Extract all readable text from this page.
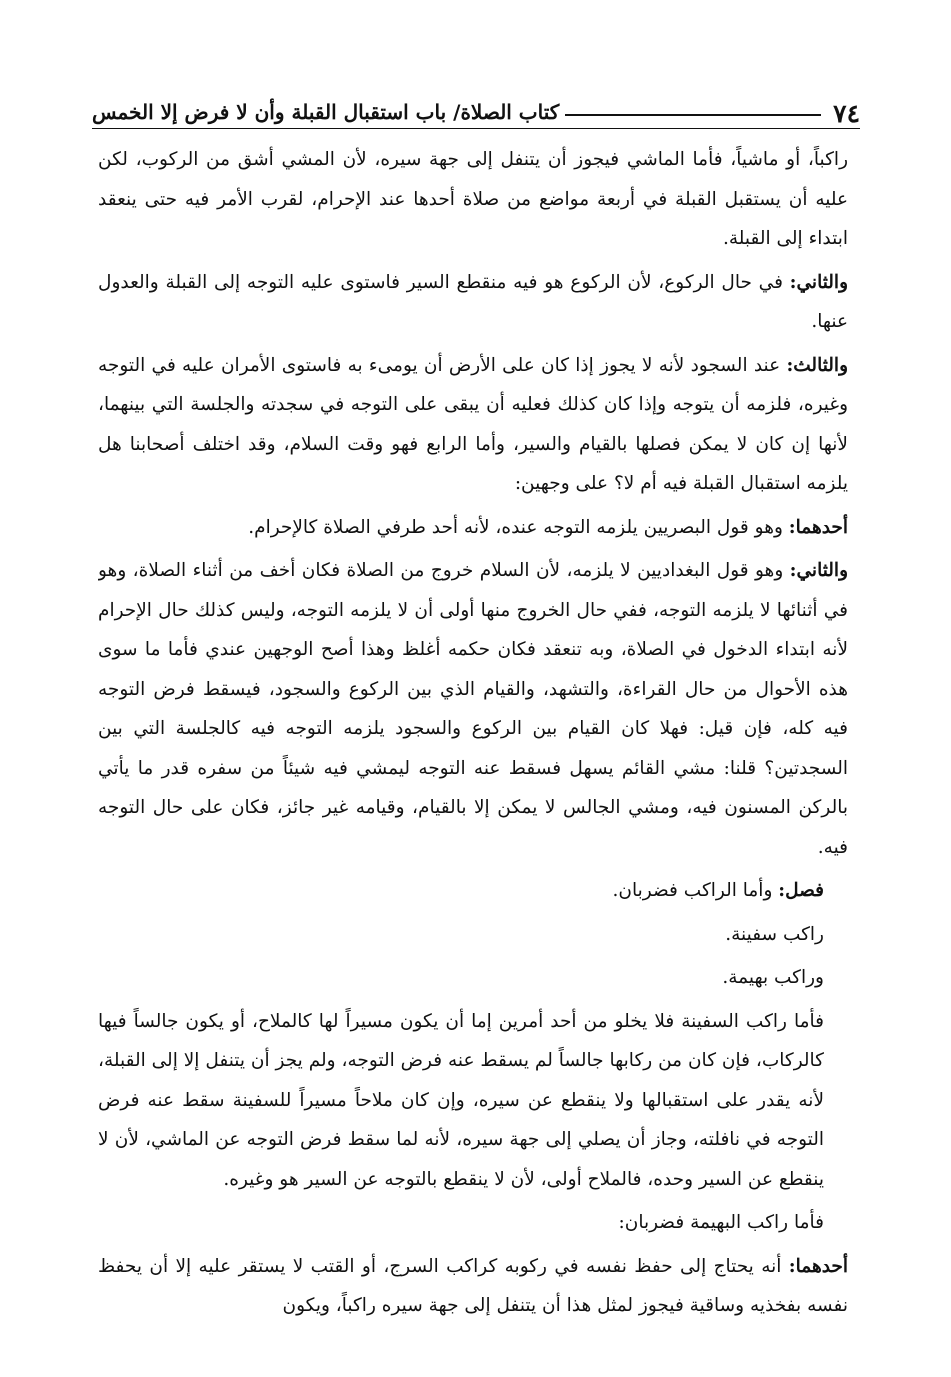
٧٤
كتاب الصلاة/ باب استقبال القبلة وأن لا فرض إلا الخمس

راكباً، أو ماشياً، فأما الماشي فيجوز أن يتنفل إلى جهة سيره، لأن المشي أشق من الركوب، لكن عليه أن يستقبل القبلة في أربعة مواضع من صلاة أحدها عند الإحرام، لقرب الأمر فيه حتى ينعقد ابتداء إلى القبلة.

والثاني: في حال الركوع، لأن الركوع هو فيه منقطع السير فاستوى عليه التوجه إلى القبلة والعدول عنها.

والثالث: عند السجود لأنه لا يجوز إذا كان على الأرض أن يومىء به فاستوى الأمران عليه في التوجه وغيره، فلزمه أن يتوجه وإذا كان كذلك فعليه أن يبقى على التوجه في سجدته والجلسة التي بينهما، لأنها إن كان لا يمكن فصلها بالقيام والسير، وأما الرابع فهو وقت السلام، وقد اختلف أصحابنا هل يلزمه استقبال القبلة فيه أم لا؟ على وجهين:

أحدهما: وهو قول البصريين يلزمه التوجه عنده، لأنه أحد طرفي الصلاة كالإحرام.

والثاني: وهو قول البغداديين لا يلزمه، لأن السلام خروج من الصلاة فكان أخف من أثناء الصلاة، وهو في أثنائها لا يلزمه التوجه، ففي حال الخروج منها أولى أن لا يلزمه التوجه، وليس كذلك حال الإحرام لأنه ابتداء الدخول في الصلاة، وبه تنعقد فكان حكمه أغلظ وهذا أصح الوجهين عندي فأما ما سوى هذه الأحوال من حال القراءة، والتشهد، والقيام الذي بين الركوع والسجود، فيسقط فرض التوجه فيه كله، فإن قيل: فهلا كان القيام بين الركوع والسجود يلزمه التوجه فيه كالجلسة التي بين السجدتين؟ قلنا: مشي القائم يسهل فسقط عنه التوجه ليمشي فيه شيئاً من سفره قدر ما يأتي بالركن المسنون فيه، ومشي الجالس لا يمكن إلا بالقيام، وقيامه غير جائز، فكان على حال التوجه فيه.

فصل: وأما الراكب فضربان.

راكب سفينة.

وراكب بهيمة.

فأما راكب السفينة فلا يخلو من أحد أمرين إما أن يكون مسيراً لها كالملاح، أو يكون جالساً فيها كالركاب، فإن كان من ركابها جالساً لم يسقط عنه فرض التوجه، ولم يجز أن يتنفل إلا إلى القبلة، لأنه يقدر على استقبالها ولا ينقطع عن سيره، وإن كان ملاحاً مسيراً للسفينة سقط عنه فرض التوجه في نافلته، وجاز أن يصلي إلى جهة سيره، لأنه لما سقط فرض التوجه عن الماشي، لأن لا ينقطع عن السير وحده، فالملاح أولى، لأن لا ينقطع بالتوجه عن السير هو وغيره.

فأما راكب البهيمة فضربان:

أحدهما: أنه يحتاج إلى حفظ نفسه في ركوبه كراكب السرج، أو القتب لا يستقر عليه إلا أن يحفظ نفسه بفخذيه وساقية فيجوز لمثل هذا أن يتنفل إلى جهة سيره راكباً، ويكون
